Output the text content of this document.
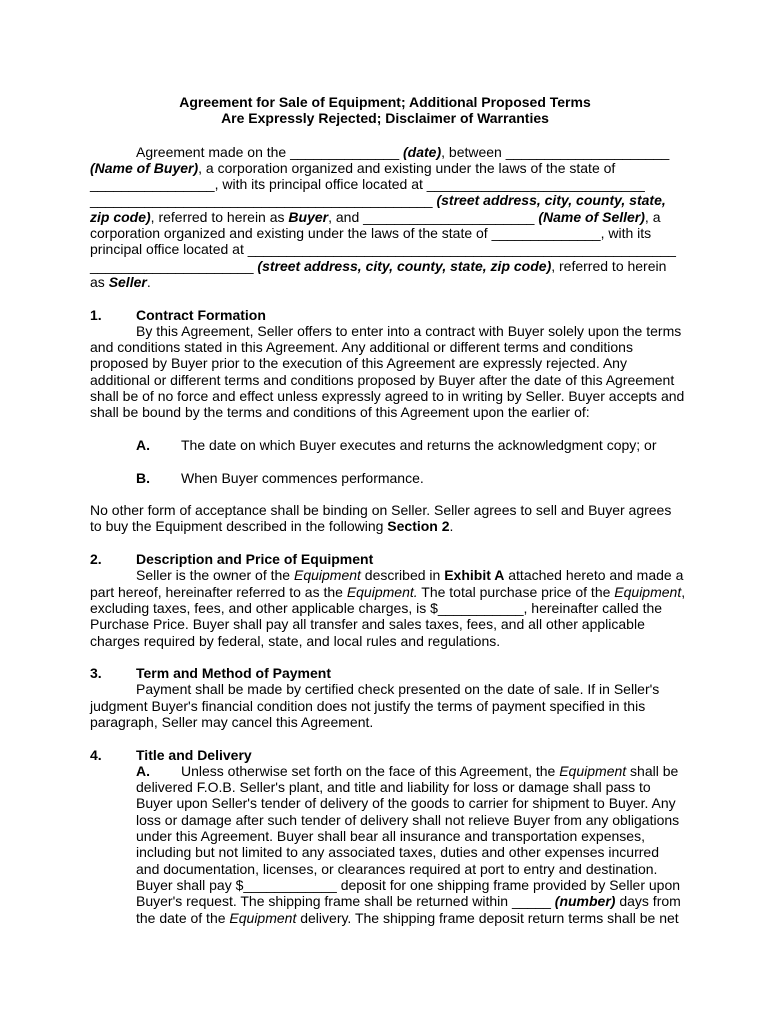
Agreement for Sale of Equipment; Additional Proposed Terms
Are Expressly Rejected; Disclaimer of Warranties
Agreement made on the ______________ (date), between _____________________
(Name of Buyer), a corporation organized and existing under the laws of the state of
________________, with its principal office located at ____________________________
____________________________________________ (street address, city, county, state,
zip code), referred to herein as Buyer, and ______________________ (Name of Seller), a
corporation organized and existing under the laws of the state of ______________, with its
principal office located at _______________________________________________________
_____________________ (street address, city, county, state, zip code), referred to herein
as Seller.
1. Contract Formation
By this Agreement, Seller offers to enter into a contract with Buyer solely upon the terms
and conditions stated in this Agreement. Any additional or different terms and conditions
proposed by Buyer prior to the execution of this Agreement are expressly rejected. Any
additional or different terms and conditions proposed by Buyer after the date of this Agreement
shall be of no force and effect unless expressly agreed to in writing by Seller. Buyer accepts and
shall be bound by the terms and conditions of this Agreement upon the earlier of:
A. The date on which Buyer executes and returns the acknowledgment copy; or
B. When Buyer commences performance.
No other form of acceptance shall be binding on Seller. Seller agrees to sell and Buyer agrees
to buy the Equipment described in the following Section 2.
2. Description and Price of Equipment
Seller is the owner of the Equipment described in Exhibit A attached hereto and made a
part hereof, hereinafter referred to as the Equipment. The total purchase price of the Equipment,
excluding taxes, fees, and other applicable charges, is $___________, hereinafter called the
Purchase Price. Buyer shall pay all transfer and sales taxes, fees, and all other applicable
charges required by federal, state, and local rules and regulations.
3. Term and Method of Payment
Payment shall be made by certified check presented on the date of sale. If in Seller's
judgment Buyer's financial condition does not justify the terms of payment specified in this
paragraph, Seller may cancel this Agreement.
4. Title and Delivery
A. Unless otherwise set forth on the face of this Agreement, the Equipment shall be
delivered F.O.B. Seller's plant, and title and liability for loss or damage shall pass to
Buyer upon Seller's tender of delivery of the goods to carrier for shipment to Buyer. Any
loss or damage after such tender of delivery shall not relieve Buyer from any obligations
under this Agreement. Buyer shall bear all insurance and transportation expenses,
including but not limited to any associated taxes, duties and other expenses incurred
and documentation, licenses, or clearances required at port to entry and destination.
Buyer shall pay $____________ deposit for one shipping frame provided by Seller upon
Buyer's request. The shipping frame shall be returned within _____ (number) days from
the date of the Equipment delivery. The shipping frame deposit return terms shall be net
